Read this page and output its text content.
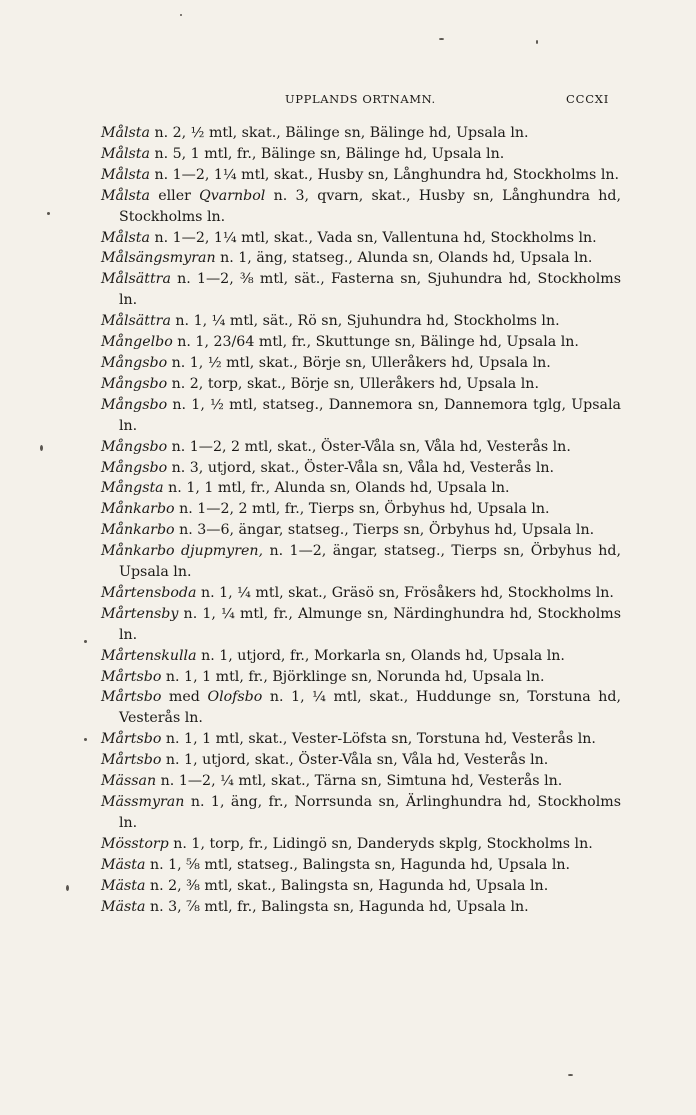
UPPLANDS ORTNAMN.	CCCXI

Målsta n. 2, ½ mtl, skat., Bälinge sn, Bälinge hd, Upsala ln.

Målsta n. 5, 1 mtl, fr., Bälinge sn, Bälinge hd, Upsala ln.

Målsta n. 1—2, 1¼ mtl, skat., Husby sn, Långhundra hd, Stockholms ln.

Målsta eller Qvarnbol n. 3, qvarn, skat., Husby sn, Långhundra hd, Stockholms ln.

Målsta n. 1—2, 1¼ mtl, skat., Vada sn, Vallentuna hd, Stockholms ln.

Målsängsmyran n. 1, äng, statseg., Alunda sn, Olands hd, Upsala ln.

Målsättra n. 1—2, ⅜ mtl, sät., Fasterna sn, Sjuhundra hd, Stockholms ln.

Målsättra n. 1, ¼ mtl, sät., Rö sn, Sjuhundra hd, Stockholms ln.

Mångelbo n. 1, 23/64 mtl, fr., Skuttunge sn, Bälinge hd, Upsala ln.

Mångsbo n. 1, ½ mtl, skat., Börje sn, Ulleråkers hd, Upsala ln.

Mångsbo n. 2, torp, skat., Börje sn, Ulleråkers hd, Upsala ln.

Mångsbo n. 1, ½ mtl, statseg., Dannemora sn, Dannemora tglg, Upsala ln.

Mångsbo n. 1—2, 2 mtl, skat., Öster-Våla sn, Våla hd, Vesterås ln.

Mångsbo n. 3, utjord, skat., Öster-Våla sn, Våla hd, Vesterås ln.

Mångsta n. 1, 1 mtl, fr., Alunda sn, Olands hd, Upsala ln.

Månkarbo n. 1—2, 2 mtl, fr., Tierps sn, Örbyhus hd, Upsala ln.

Månkarbo n. 3—6, ängar, statseg., Tierps sn, Örbyhus hd, Upsala ln.

Månkarbo djupmyren, n. 1—2, ängar, statseg., Tierps sn, Örbyhus hd, Upsala ln.

Mårtensboda n. 1, ¼ mtl, skat., Gräsö sn, Frösåkers hd, Stockholms ln.

Mårtensby n. 1, ¼ mtl, fr., Almunge sn, Närdinghundra hd, Stockholms ln.

Mårtenskulla n. 1, utjord, fr., Morkarla sn, Olands hd, Upsala ln.

Mårtsbo n. 1, 1 mtl, fr., Björklinge sn, Norunda hd, Upsala ln.

Mårtsbo med Olofsbo n. 1, ¼ mtl, skat., Huddunge sn, Torstuna hd, Vesterås ln.

Mårtsbo n. 1, 1 mtl, skat., Vester-Löfsta sn, Torstuna hd, Vesterås ln.

Mårtsbo n. 1, utjord, skat., Öster-Våla sn, Våla hd, Vesterås ln.

Mässan n. 1—2, ¼ mtl, skat., Tärna sn, Simtuna hd, Vesterås ln.

Mässmyran n. 1, äng, fr., Norrsunda sn, Ärlinghundra hd, Stockholms ln.

Mösstorp n. 1, torp, fr., Lidingö sn, Danderyds skplg, Stockholms ln.

Mästa n. 1, ⅝ mtl, statseg., Balingsta sn, Hagunda hd, Upsala ln.

Mästa n. 2, ⅜ mtl, skat., Balingsta sn, Hagunda hd, Upsala ln.

Mästa n. 3, ⅞ mtl, fr., Balingsta sn, Hagunda hd, Upsala ln.
